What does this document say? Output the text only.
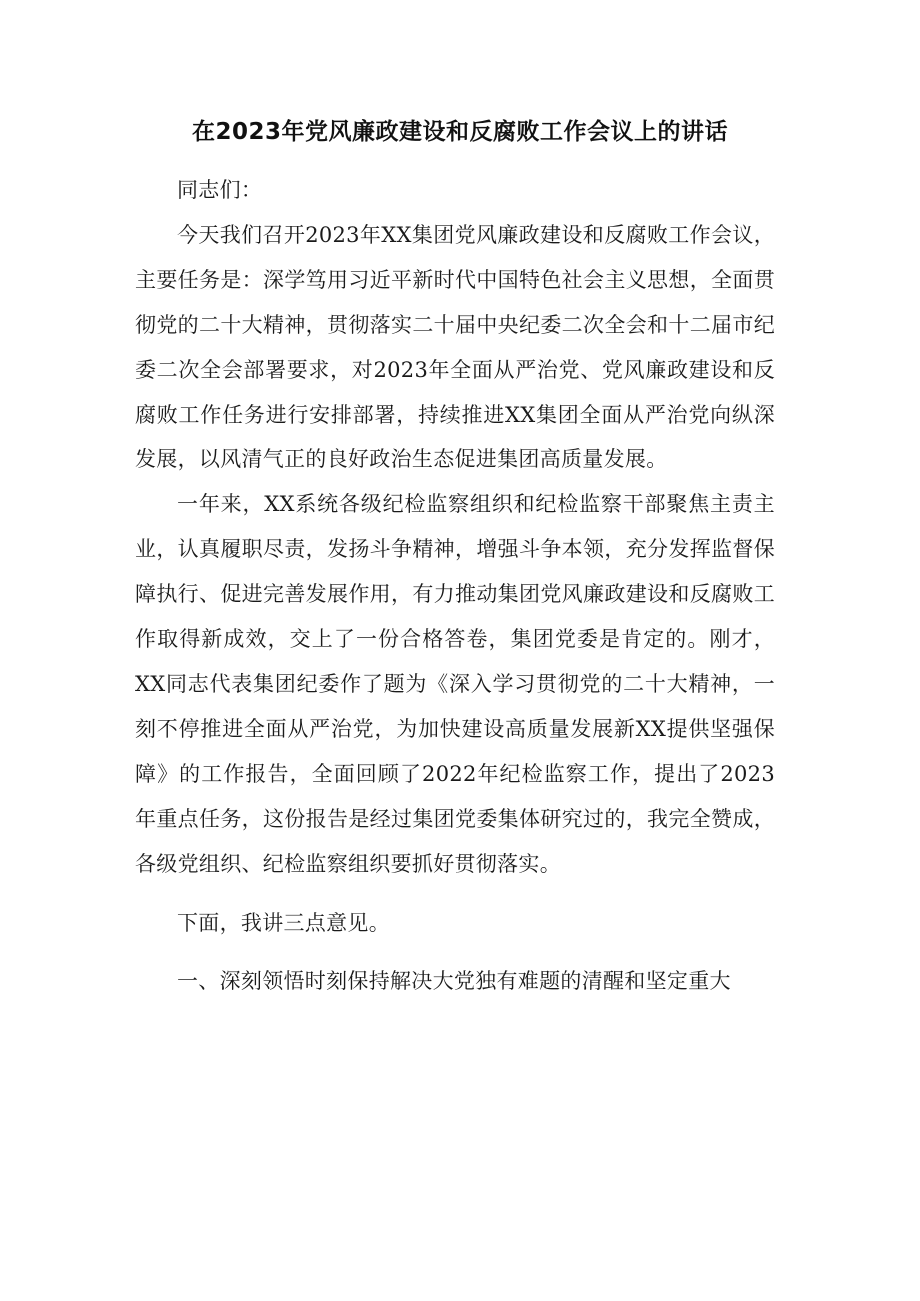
在2023年党风廉政建设和反腐败工作会议上的讲话

同志们：

今天我们召开2023年XX集团党风廉政建设和反腐败工作会议，主要任务是：深学笃用习近平新时代中国特色社会主义思想，全面贯彻党的二十大精神，贯彻落实二十届中央纪委二次全会和十二届市纪委二次全会部署要求，对2023年全面从严治党、党风廉政建设和反腐败工作任务进行安排部署，持续推进XX集团全面从严治党向纵深发展，以风清气正的良好政治生态促进集团高质量发展。

一年来，XX系统各级纪检监察组织和纪检监察干部聚焦主责主业，认真履职尽责，发扬斗争精神，增强斗争本领，充分发挥监督保障执行、促进完善发展作用，有力推动集团党风廉政建设和反腐败工作取得新成效，交上了一份合格答卷，集团党委是肯定的。刚才，XX同志代表集团纪委作了题为《深入学习贯彻党的二十大精神，一刻不停推进全面从严治党，为加快建设高质量发展新XX提供坚强保障》的工作报告，全面回顾了2022年纪检监察工作，提出了2023年重点任务，这份报告是经过集团党委集体研究过的，我完全赞成，各级党组织、纪检监察组织要抓好贯彻落实。

下面，我讲三点意见。

一、深刻领悟时刻保持解决大党独有难题的清醒和坚定重大
